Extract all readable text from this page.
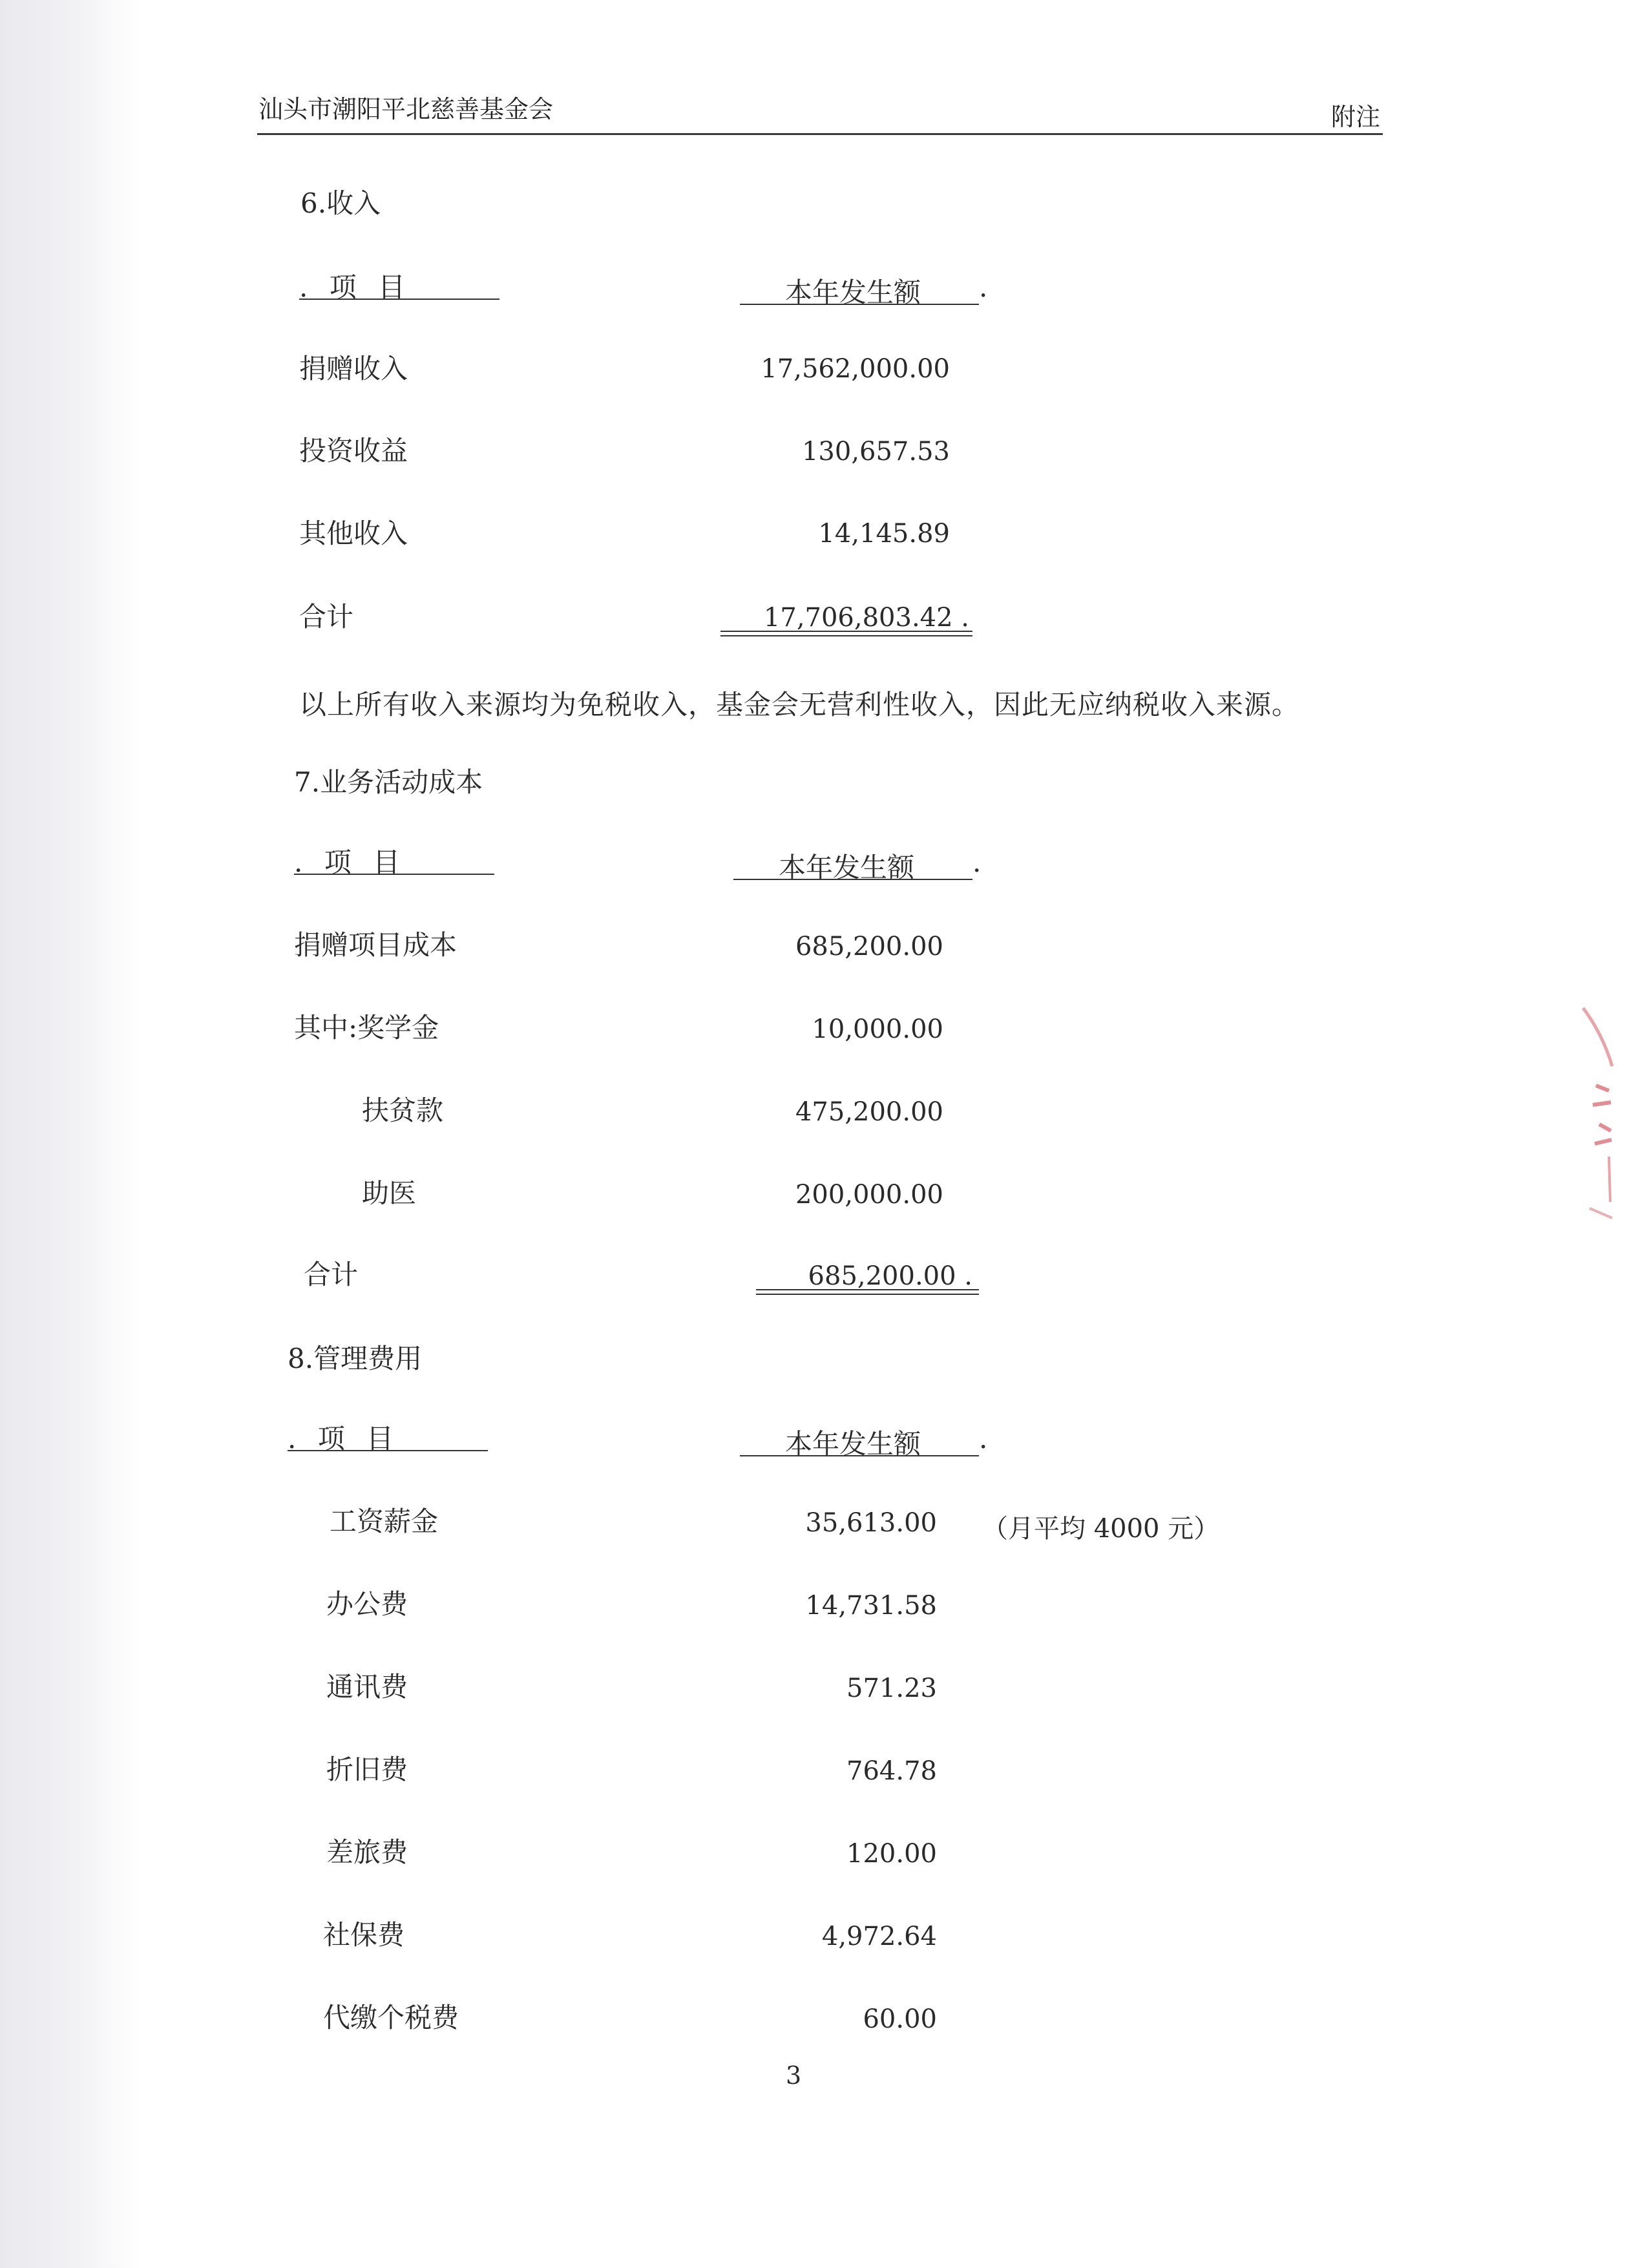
汕头市潮阳平北慈善基金会	附注
6.收入
. 项 目	本年发生额 .
捐赠收入	17,562,000.00
投资收益	130,657.53
其他收入	14,145.89
合计	17,706,803.42 .
以上所有收入来源均为免税收入，基金会无营利性收入，因此无应纳税收入来源。
7.业务活动成本
. 项 目	本年发生额 .
捐赠项目成本	685,200.00
其中:奖学金	10,000.00
扶贫款	475,200.00
助医	200,000.00
合计	685,200.00 .
8.管理费用
. 项 目	本年发生额 .
工资薪金	35,613.00 （月平均 4000 元）
办公费	14,731.58
通讯费	571.23
折旧费	764.78
差旅费	120.00
社保费	4,972.64
代缴个税费	60.00
3
